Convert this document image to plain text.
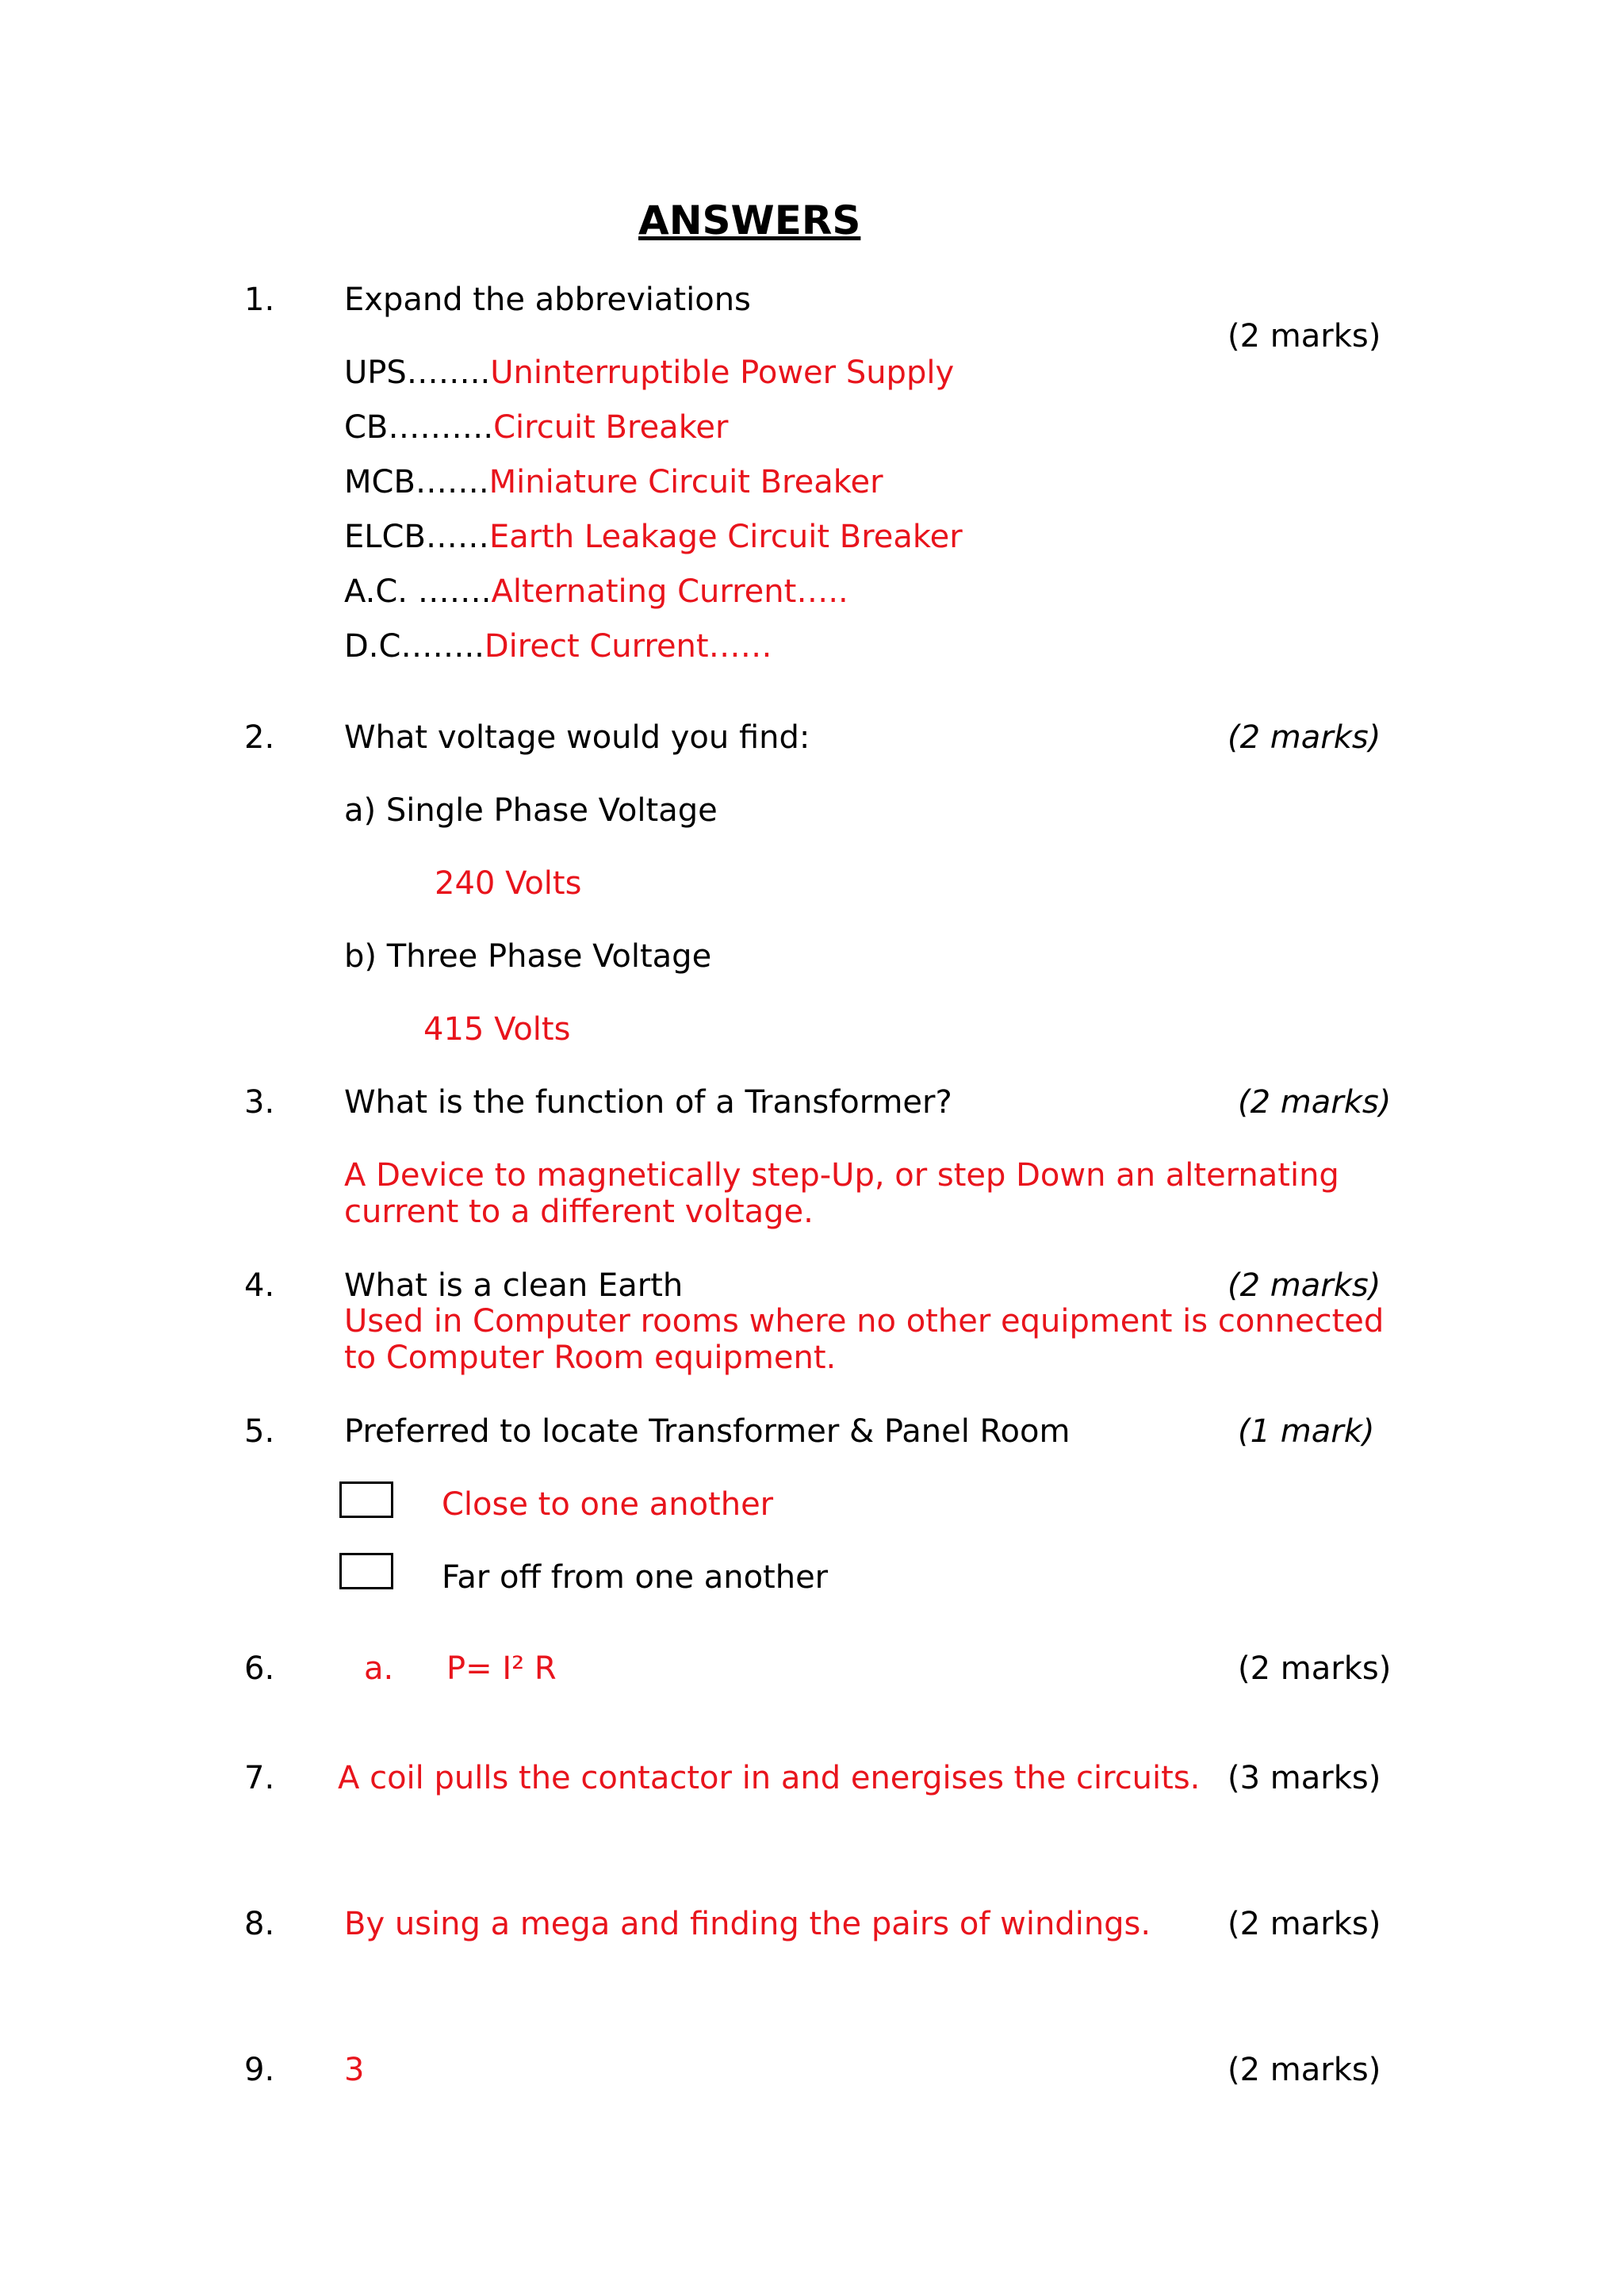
ANSWERS
1. Expand the abbreviations
(2 marks)
UPS……..Uninterruptible Power Supply
CB……….Circuit Breaker
MCB…….Miniature Circuit Breaker
ELCB……Earth Leakage Circuit Breaker
A.C. …….Alternating Current…..
D.C……..Direct Current……
2. What voltage would you find:	(2 marks)
a) Single Phase Voltage
240 Volts
b) Three Phase Voltage
415 Volts
3. What is the function of a Transformer?	(2 marks)
A Device to magnetically step-Up, or step Down an alternating current to a different voltage.
4. What is a clean Earth	(2 marks)
Used in Computer rooms where no other equipment is connected to Computer Room equipment.
5. Preferred to locate Transformer & Panel Room	(1 mark)
Close to one another
Far off from one another
6.	a. P= I² R	(2 marks)
7. A coil pulls the contactor in and energises the circuits. (3 marks)
8. By using a mega and finding the pairs of windings. (2 marks)
9. 3	(2 marks)
